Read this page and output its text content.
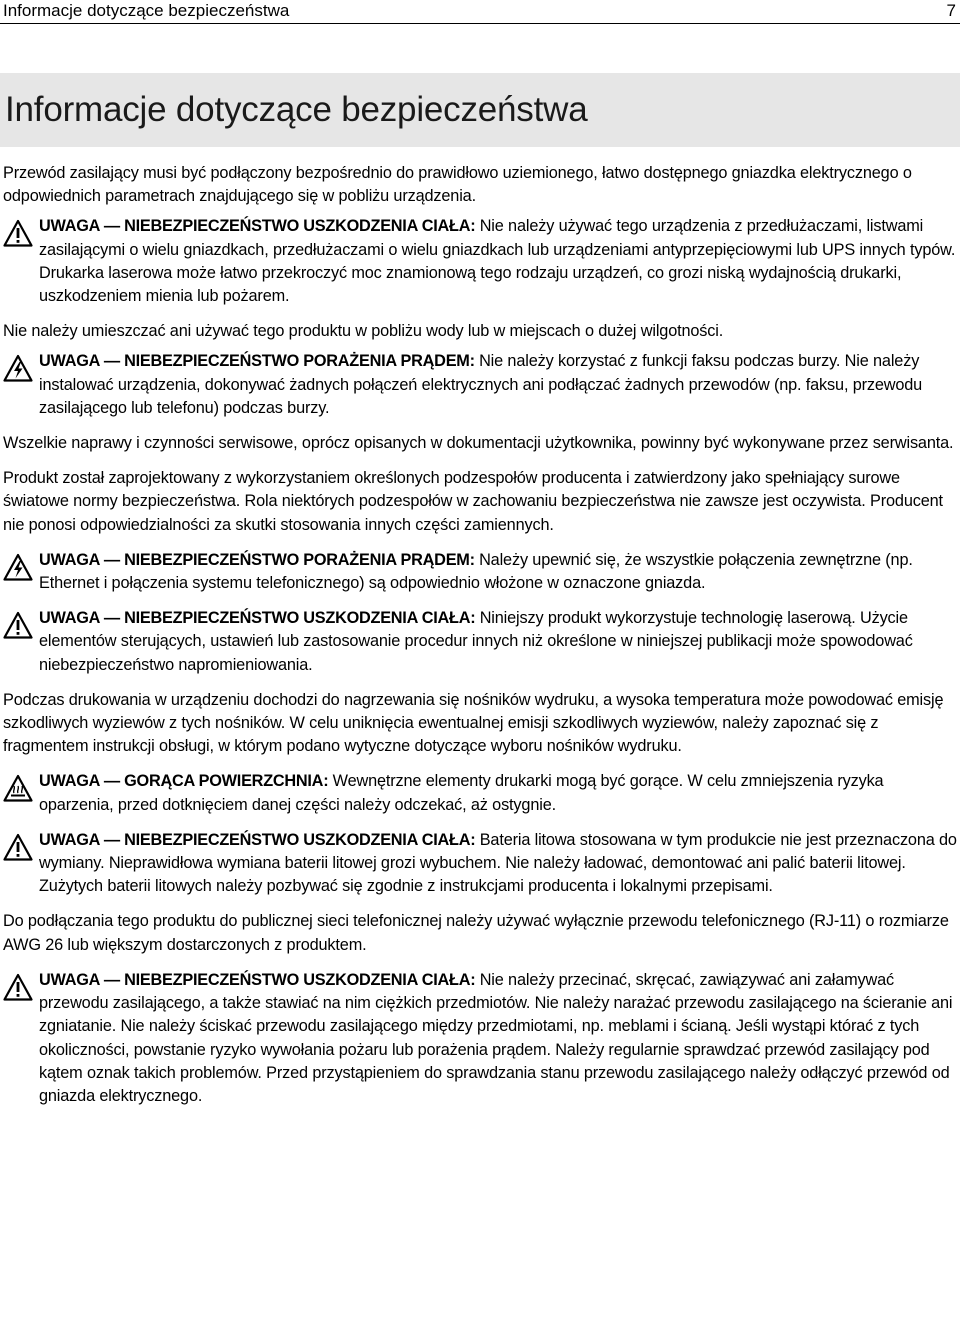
Informacje dotyczące bezpieczeństwa	7
Informacje dotyczące bezpieczeństwa

Przewód zasilający musi być podłączony bezpośrednio do prawidłowo uziemionego, łatwo dostępnego gniazdka elektrycznego o odpowiednich parametrach znajdującego się w pobliżu urządzenia.

UWAGA — NIEBEZPIECZEŃSTWO USZKODZENIA CIAŁA: Nie należy używać tego urządzenia z przedłużaczami, listwami zasilającymi o wielu gniazdkach, przedłużaczami o wielu gniazdkach lub urządzeniami antyprzepięciowymi lub UPS innych typów. Drukarka laserowa może łatwo przekroczyć moc znamionową tego rodzaju urządzeń, co grozi niską wydajnością drukarki, uszkodzeniem mienia lub pożarem.

Nie należy umieszczać ani używać tego produktu w pobliżu wody lub w miejscach o dużej wilgotności.

UWAGA — NIEBEZPIECZEŃSTWO PORAŻENIA PRĄDEM: Nie należy korzystać z funkcji faksu podczas burzy. Nie należy instalować urządzenia, dokonywać żadnych połączeń elektrycznych ani podłączać żadnych przewodów (np. faksu, przewodu zasilającego lub telefonu) podczas burzy.

Wszelkie naprawy i czynności serwisowe, oprócz opisanych w dokumentacji użytkownika, powinny być wykonywane przez serwisanta.

Produkt został zaprojektowany z wykorzystaniem określonych podzespołów producenta i zatwierdzony jako spełniający surowe światowe normy bezpieczeństwa. Rola niektórych podzespołów w zachowaniu bezpieczeństwa nie zawsze jest oczywista. Producent nie ponosi odpowiedzialności za skutki stosowania innych części zamiennych.

UWAGA — NIEBEZPIECZEŃSTWO PORAŻENIA PRĄDEM: Należy upewnić się, że wszystkie połączenia zewnętrzne (np. Ethernet i połączenia systemu telefonicznego) są odpowiednio włożone w oznaczone gniazda.
UWAGA — NIEBEZPIECZEŃSTWO USZKODZENIA CIAŁA: Niniejszy produkt wykorzystuje technologię laserową. Użycie elementów sterujących, ustawień lub zastosowanie procedur innych niż określone w niniejszej publikacji może spowodować niebezpieczeństwo napromieniowania.

Podczas drukowania w urządzeniu dochodzi do nagrzewania się nośników wydruku, a wysoka temperatura może powodować emisję szkodliwych wyziewów z tych nośników. W celu uniknięcia ewentualnej emisji szkodliwych wyziewów, należy zapoznać się z fragmentem instrukcji obsługi, w którym podano wytyczne dotyczące wyboru nośników wydruku.

UWAGA — GORĄCA POWIERZCHNIA: Wewnętrzne elementy drukarki mogą być gorące. W celu zmniejszenia ryzyka oparzenia, przed dotknięciem danej części należy odczekać, aż ostygnie.
UWAGA — NIEBEZPIECZEŃSTWO USZKODZENIA CIAŁA: Bateria litowa stosowana w tym produkcie nie jest przeznaczona do wymiany. Nieprawidłowa wymiana baterii litowej grozi wybuchem. Nie należy ładować, demontować ani palić baterii litowej. Zużytych baterii litowych należy pozbywać się zgodnie z instrukcjami producenta i lokalnymi przepisami.

Do podłączania tego produktu do publicznej sieci telefonicznej należy używać wyłącznie przewodu telefonicznego (RJ-11) o rozmiarze AWG 26 lub większym dostarczonych z produktem.

UWAGA — NIEBEZPIECZEŃSTWO USZKODZENIA CIAŁA: Nie należy przecinać, skręcać, zawiązywać ani załamywać przewodu zasilającego, a także stawiać na nim ciężkich przedmiotów. Nie należy narażać przewodu zasilającego na ścieranie ani zgniatanie. Nie należy ściskać przewodu zasilającego między przedmiotami, np. meblami i ścianą. Jeśli wystąpi którać z tych okoliczności, powstanie ryzyko wywołania pożaru lub porażenia prądem. Należy regularnie sprawdzać przewód zasilający pod kątem oznak takich problemów. Przed przystąpieniem do sprawdzania stanu przewodu zasilającego należy odłączyć przewód od gniazda elektrycznego.
